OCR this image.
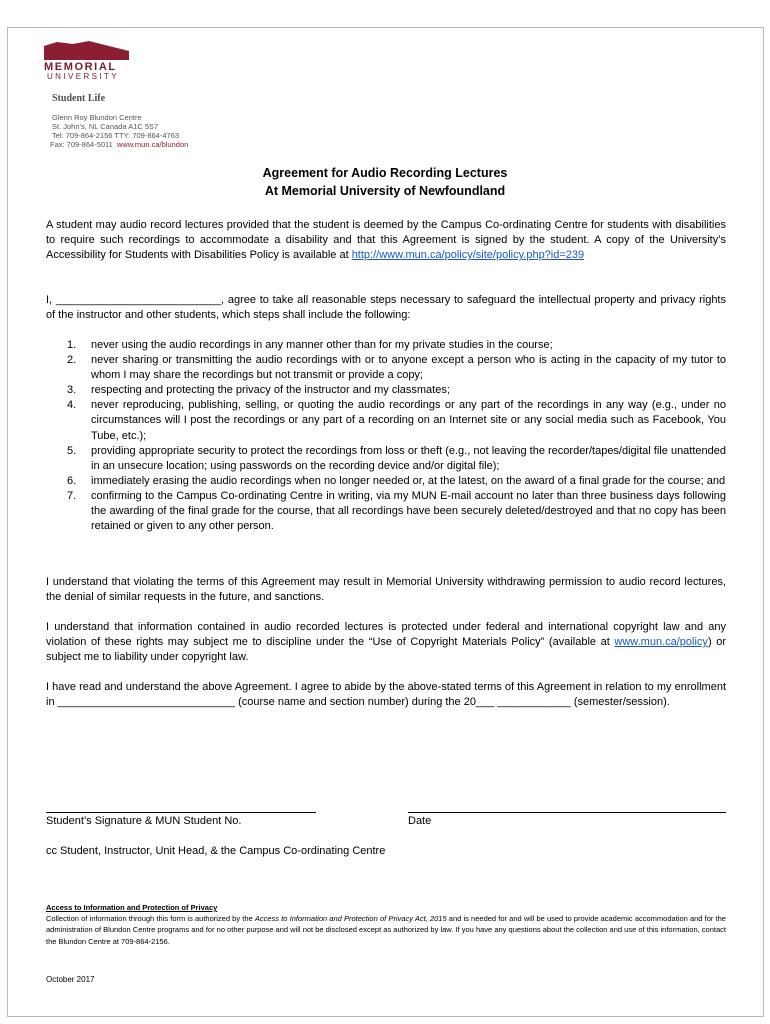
MEMORIAL
UNIVERSITY
Student Life
Glenn Roy Blundon Centre
St. John's, NL Canada A1C 5S7
Tel: 709-864-2156 TTY: 709-864-4763
Fax: 709-864-5011 www.mun.ca/blundon
Agreement for Audio Recording Lectures
At Memorial University of Newfoundland
A student may audio record lectures provided that the student is deemed by the Campus Co-ordinating Centre for students with disabilities to require such recordings to accommodate a disability and that this Agreement is signed by the student. A copy of the University’s Accessibility for Students with Disabilities Policy is available at http://www.mun.ca/policy/site/policy.php?id=239
I, ___________________________, agree to take all reasonable steps necessary to safeguard the intellectual property and privacy rights of the instructor and other students, which steps shall include the following:
1. never using the audio recordings in any manner other than for my private studies in the course;
2. never sharing or transmitting the audio recordings with or to anyone except a person who is acting in the capacity of my tutor to whom I may share the recordings but not transmit or provide a copy;
3. respecting and protecting the privacy of the instructor and my classmates;
4. never reproducing, publishing, selling, or quoting the audio recordings or any part of the recordings in any way (e.g., under no circumstances will I post the recordings or any part of a recording on an Internet site or any social media such as Facebook, You Tube, etc.);
5. providing appropriate security to protect the recordings from loss or theft (e.g., not leaving the recorder/tapes/digital file unattended in an unsecure location; using passwords on the recording device and/or digital file);
6. immediately erasing the audio recordings when no longer needed or, at the latest, on the award of a final grade for the course; and
7. confirming to the Campus Co-ordinating Centre in writing, via my MUN E-mail account no later than three business days following the awarding of the final grade for the course, that all recordings have been securely deleted/destroyed and that no copy has been retained or given to any other person.
I understand that violating the terms of this Agreement may result in Memorial University withdrawing permission to audio record lectures, the denial of similar requests in the future, and sanctions.
I understand that information contained in audio recorded lectures is protected under federal and international copyright law and any violation of these rights may subject me to discipline under the “Use of Copyright Materials Policy” (available at www.mun.ca/policy) or subject me to liability under copyright law.
I have read and understand the above Agreement. I agree to abide by the above-stated terms of this Agreement in relation to my enrollment in _____________________________ (course name and section number) during the 20___ ____________ (semester/session).
Student’s Signature & MUN Student No.	Date
cc Student, Instructor, Unit Head, & the Campus Co-ordinating Centre
Access to Information and Protection of Privacy
Collection of information through this form is authorized by the Access to Information and Protection of Privacy Act, 2015 and is needed for and will be used to provide academic accommodation and for the administration of Blundon Centre programs and for no other purpose and will not be disclosed except as authorized by law. If you have any questions about the collection and use of this information, contact the Blundon Centre at 709-864-2156.
October 2017
